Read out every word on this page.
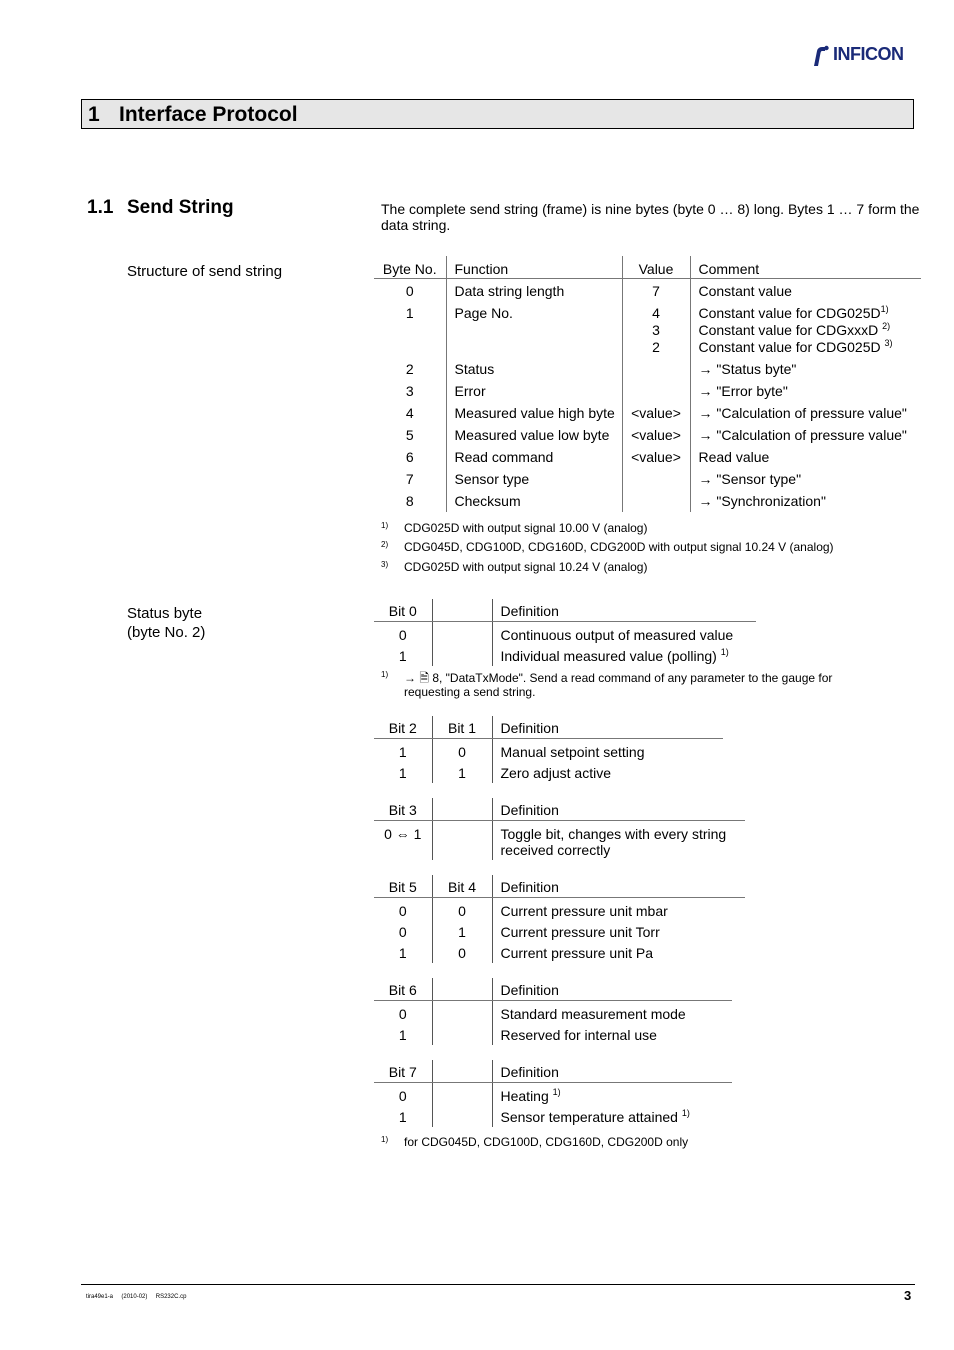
INFICON
1 Interface Protocol
1.1 Send String	The complete send string (frame) is nine bytes (byte 0 … 8) long. Bytes 1 … 7 form the data string.
Structure of send string	Byte No.	Function	Value	Comment
0	Data string length	7	Constant value
1	Page No.	4	Constant value for $CDG025D^{1)}$
		3	Constant value for CDGxxxD $^{2)}$
		2	Constant value for CDG025D $^{3)}$
2	Status		→ "Status byte"
3	Error		→ "Error byte"
4	Measured value high byte	<value>	→ "Calculation of pressure value"
5	Measured value low byte	<value>	→ "Calculation of pressure value"
6	Read command	<value>	Read value
7	Sensor type		→ "Sensor type"
8	Checksum		→ "Synchronization"
1) CDG025D with output signal 10.00 V (analog)
2) CDG045D, CDG100D, CDG160D, CDG200D with output signal 10.24 V (analog)
3) CDG025D with output signal 10.24 V (analog)
Status byte
(byte No. 2)
Bit 0		Definition
0		Continuous output of measured value
1		Individual measured value (polling) $^{1)}$
1) → 🗎 8, "DataTxMode". Send a read command of any parameter to the gauge for
requesting a send string.
Bit 2	Bit 1	Definition
1	0	Manual setpoint setting
1	1	Zero adjust active
Bit 3		Definition
0 ⇔ 1		Toggle bit, changes with every string
received correctly
Bit 5	Bit 4	Definition
0	0	Current pressure unit mbar
0	1	Current pressure unit Torr
1	0	Current pressure unit Pa
Bit 6		Definition
0		Standard measurement mode
1		Reserved for internal use
Bit 7		Definition
0		Heating $^{1)}$
1		Sensor temperature attained $^{1)}$
1) for CDG045D, CDG100D, CDG160D, CDG200D only
tira49e1-a (2010-02) RS232C.cp	3
